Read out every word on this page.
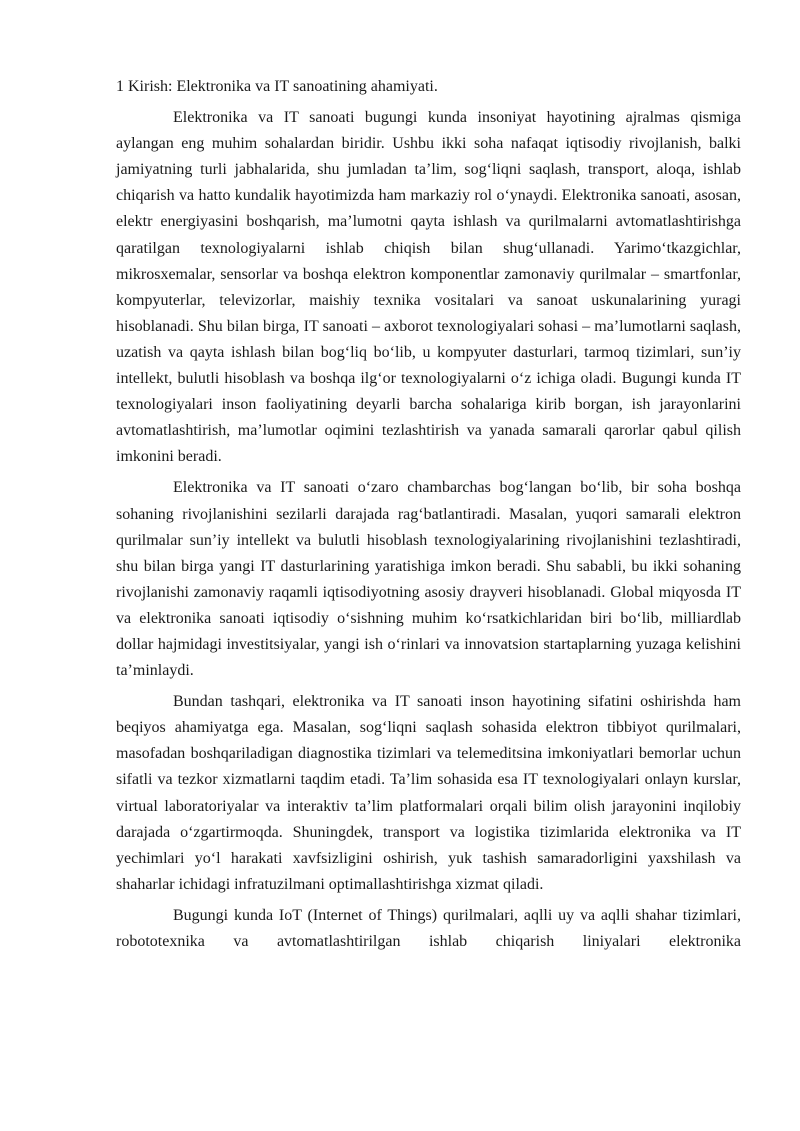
1 Kirish: Elektronika va IT sanoatining ahamiyati.

Elektronika va IT sanoati bugungi kunda insoniyat hayotining ajralmas qismiga aylangan eng muhim sohalardan biridir. Ushbu ikki soha nafaqat iqtisodiy rivojlanish, balki jamiyatning turli jabhalarida, shu jumladan ta’lim, sog‘liqni saqlash, transport, aloqa, ishlab chiqarish va hatto kundalik hayotimizda ham markaziy rol o‘ynaydi. Elektronika sanoati, asosan, elektr energiyasini boshqarish, ma’lumotni qayta ishlash va qurilmalarni avtomatlashtirishga qaratilgan texnologiyalarni ishlab chiqish bilan shug‘ullanadi. Yarimo‘tkazgichlar, mikrosxemalar, sensorlar va boshqa elektron komponentlar zamonaviy qurilmalar – smartfonlar, kompyuterlar, televizorlar, maishiy texnika vositalari va sanoat uskunalarining yuragi hisoblanadi. Shu bilan birga, IT sanoati – axborot texnologiyalari sohasi – ma’lumotlarni saqlash, uzatish va qayta ishlash bilan bog‘liq bo‘lib, u kompyuter dasturlari, tarmoq tizimlari, sun’iy intellekt, bulutli hisoblash va boshqa ilg‘or texnologiyalarni o‘z ichiga oladi. Bugungi kunda IT texnologiyalari inson faoliyatining deyarli barcha sohalariga kirib borgan, ish jarayonlarini avtomatlashtirish, ma’lumotlar oqimini tezlashtirish va yanada samarali qarorlar qabul qilish imkonini beradi.

Elektronika va IT sanoati o‘zaro chambarchas bog‘langan bo‘lib, bir soha boshqa sohaning rivojlanishini sezilarli darajada rag‘batlantiradi. Masalan, yuqori samarali elektron qurilmalar sun’iy intellekt va bulutli hisoblash texnologiyalarining rivojlanishini tezlashtiradi, shu bilan birga yangi IT dasturlarining yaratishiga imkon beradi. Shu sababli, bu ikki sohaning rivojlanishi zamonaviy raqamli iqtisodiyotning asosiy drayveri hisoblanadi. Global miqyosda IT va elektronika sanoati iqtisodiy o‘sishning muhim ko‘rsatkichlaridan biri bo‘lib, milliardlab dollar hajmidagi investitsiyalar, yangi ish o‘rinlari va innovatsion startaplarning yuzaga kelishini ta’minlaydi.

Bundan tashqari, elektronika va IT sanoati inson hayotining sifatini oshirishda ham beqiyos ahamiyatga ega. Masalan, sog‘liqni saqlash sohasida elektron tibbiyot qurilmalari, masofadan boshqariladigan diagnostika tizimlari va telemeditsina imkoniyatlari bemorlar uchun sifatli va tezkor xizmatlarni taqdim etadi. Ta’lim sohasida esa IT texnologiyalari onlayn kurslar, virtual laboratoriyalar va interaktiv ta’lim platformalari orqali bilim olish jarayonini inqilobiy darajada o‘zgartirmoqda. Shuningdek, transport va logistika tizimlarida elektronika va IT yechimlari yo‘l harakati xavfsizligini oshirish, yuk tashish samaradorligini yaxshilash va shaharlar ichidagi infratuzilmani optimallashtirishga xizmat qiladi.

Bugungi kunda IoT (Internet of Things) qurilmalari, aqlli uy va aqlli shahar tizimlari, robototexnika va avtomatlashtirilgan ishlab chiqarish liniyalari elektronika
